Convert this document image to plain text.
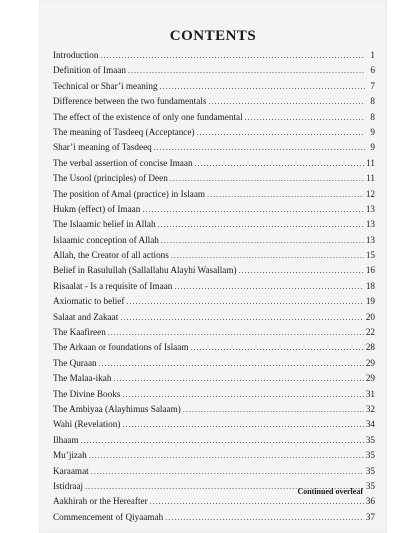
CONTENTS
Introduction .....	1
Definition of Imaan .....	6
Technical or Shar’i meaning .....	7
Difference between the two fundamentals .....	8
The effect of the existence of only one fundamental .....	8
The meaning of Tasdeeq (Acceptance) .....	9
Shar’i meaning of Tasdeeq .....	9
The verbal assertion of concise Imaan .....	11
The Usool (principles) of Deen .....	11
The position of Amal (practice) in Islaam .....	12
Hukm (effect) of Imaan .....	13
The Islaamic belief in Allah .....	13
Islaamic conception of Allah .....	13
Allah, the Creator of all actions .....	15
Belief in Rasulullah (Sallallahu Alayhi Wasallam) .....	16
Risaalat - Is a requisite of Imaan .....	18
Axiomatic to belief .....	19
Salaat and Zakaat .....	20
The Kaafireen .....	22
The Arkaan or foundations of Islaam .....	28
The Quraan .....	29
The Malaa-ikah .....	29
The Divine Books .....	31
The Ambiyaa (Alayhimus Salaam) .....	32
Wahi (Revelation) .....	34
Ilhaam .....	35
Mu’jizah .....	35
Karaamat .....	35
Istidraaj .....	35
Aakhirah or the Hereafter .....	36
Commencement of Qiyaamah .....	37
Continued overleaf
